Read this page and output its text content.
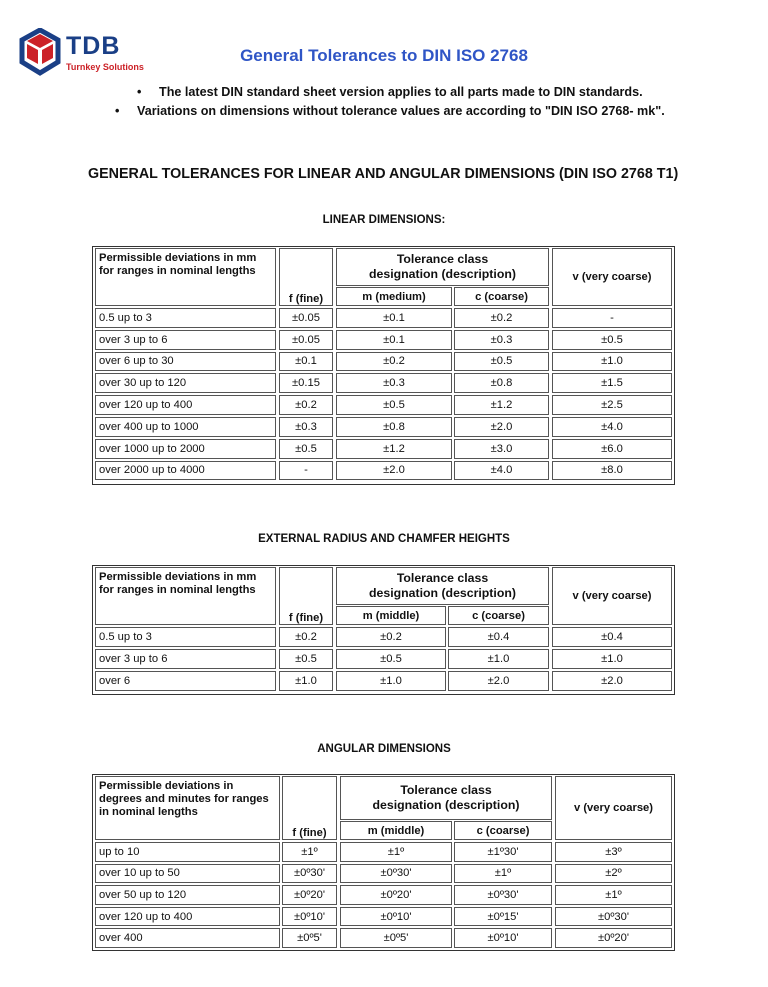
TDB
Turnkey Solutions
General Tolerances to DIN ISO 2768
• The latest DIN standard sheet version applies to all parts made to DIN standards.
• Variations on dimensions without tolerance values are according to "DIN ISO 2768- mk".
GENERAL TOLERANCES FOR LINEAR AND ANGULAR DIMENSIONS (DIN ISO 2768 T1)
LINEAR DIMENSIONS:
Permissible deviations in mm for ranges in nominal lengths
f (fine)
Tolerance class
designation (description)
m (medium)	c (coarse)
v (very coarse)
0.5 up to 3	±0.05	±0.1	±0.2	-
over 3 up to 6	±0.05	±0.1	±0.3	±0.5
over 6 up to 30	±0.1	±0.2	±0.5	±1.0
over 30 up to 120	±0.15	±0.3	±0.8	±1.5
over 120 up to 400	±0.2	±0.5	±1.2	±2.5
over 400 up to 1000	±0.3	±0.8	±2.0	±4.0
over 1000 up to 2000	±0.5	±1.2	±3.0	±6.0
over 2000 up to 4000	-	±2.0	±4.0	±8.0
EXTERNAL RADIUS AND CHAMFER HEIGHTS
Permissible deviations in mm for ranges in nominal lengths
f (fine)
Tolerance class
designation (description)
m (middle)	c (coarse)
v (very coarse)
0.5 up to 3	±0.2	±0.2	±0.4	±0.4
over 3 up to 6	±0.5	±0.5	±1.0	±1.0
over 6	±1.0	±1.0	±2.0	±2.0
ANGULAR DIMENSIONS
Permissible deviations in degrees and minutes for ranges in nominal lengths
f (fine)
Tolerance class
designation (description)
m (middle)	c (coarse)
v (very coarse)
up to 10	±1º	±1º	±1º30'	±3º
over 10 up to 50	±0º30'	±0º30'	±1º	±2º
over 50 up to 120	±0º20'	±0º20'	±0º30'	±1º
over 120 up to 400	±0º10'	±0º10'	±0º15'	±0º30'
over 400	±0º5'	±0º5'	±0º10'	±0º20'
